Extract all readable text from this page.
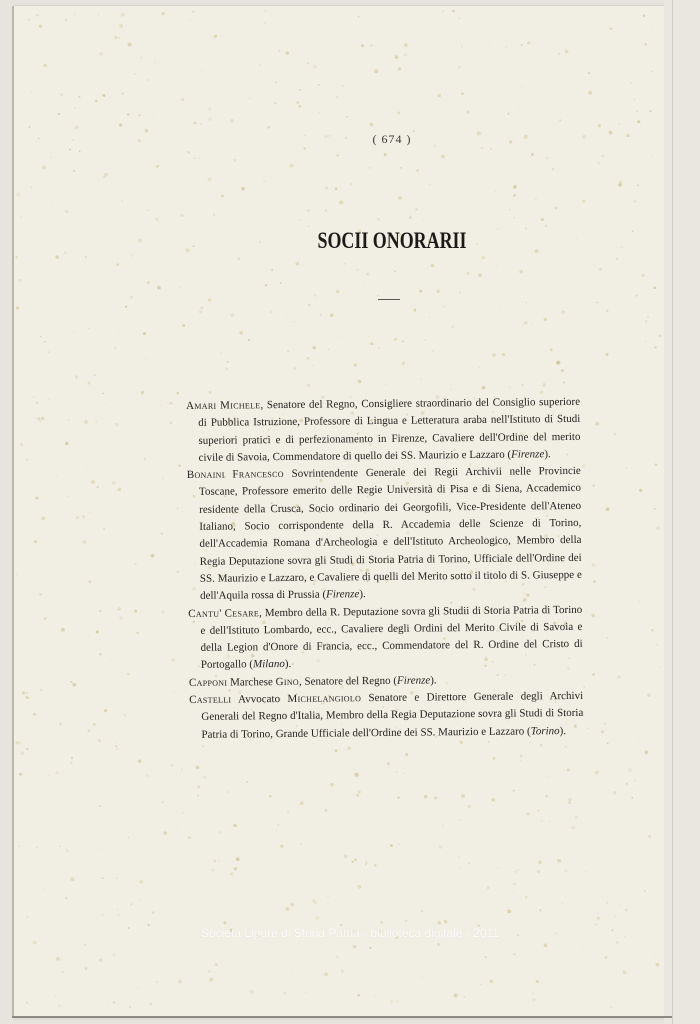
( 674 )
SOCII ONORARII

Amari Michele, Senatore del Regno, Consigliere straordinario del Consiglio superiore di Pubblica Istruzione, Professore di Lingua e Letteratura araba nell'Istituto di Studi superiori pratici e di perfezionamento in Firenze, Cavaliere dell'Ordine del merito civile di Savoia, Commendatore di quello dei SS. Maurizio e Lazzaro (Firenze).

Bonaini Francesco Sovrintendente Generale dei Regii Archivii nelle Provincie Toscane, Professore emerito delle Regie Università di Pisa e di Siena, Accademico residente della Crusca, Socio ordinario dei Georgofili, Vice-Presidente dell'Ateneo Italiano, Socio corrispondente della R. Accademia delle Scienze di Torino, dell'Accademia Romana d'Archeologia e dell'Istituto Archeologico, Membro della Regia Deputazione sovra gli Studi di Storia Patria di Torino, Ufficiale dell'Ordine dei SS. Maurizio e Lazzaro, e Cavaliere di quelli del Merito sotto il titolo di S. Giuseppe e dell'Aquila rossa di Prussia (Firenze).

Cantu' Cesare, Membro della R. Deputazione sovra gli Studii di Storia Patria di Torino e dell'Istituto Lombardo, ecc., Cavaliere degli Ordini del Merito Civile di Savoia e della Legion d'Onore di Francia, ecc., Commendatore del R. Ordine del Cristo di Portogallo (Milano).

Capponi Marchese Gino, Senatore del Regno (Firenze).

Castelli Avvocato Michelangiolo Senatore e Direttore Generale degli Archivi Generali del Regno d'Italia, Membro della Regia Deputazione sovra gli Studi di Storia Patria di Torino, Grande Ufficiale dell'Ordine dei SS. Maurizio e Lazzaro (Torino).

Società Ligure di Storia Patria - biblioteca digitale - 2011
